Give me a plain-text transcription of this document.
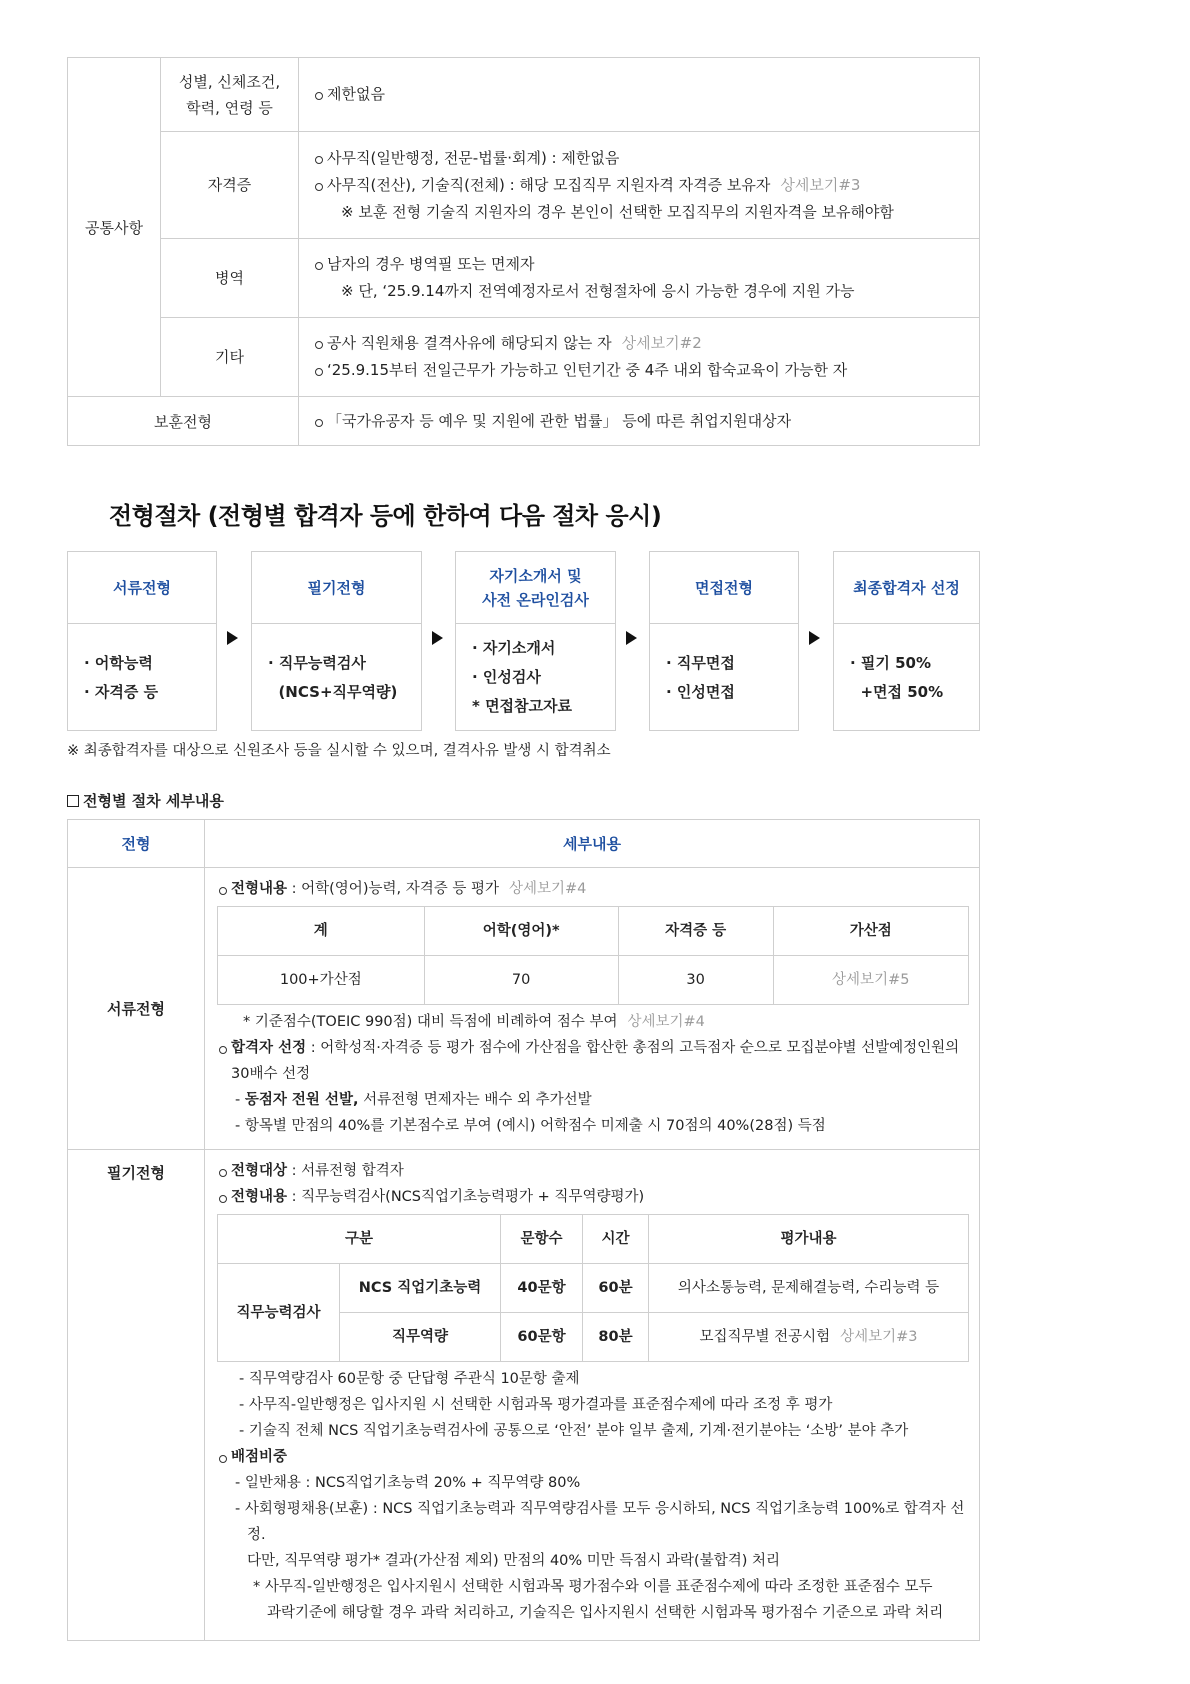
공통사항	성별, 신체조건,
학력, 연령 등	제한없음

	자격증	사무직(일반행정, 전문-법률·회계) : 제한없음
사무직(전산), 기술직(전체) : 해당 모집직무 지원자격 자격증 보유자 상세보기#3
※ 보훈 전형 기술직 지원자의 경우 본인이 선택한 모집직무의 지원자격을 보유해야함

	병역	남자의 경우 병역필 또는 면제자
※ 단, ‘25.9.14까지 전역예정자로서 전형절차에 응시 가능한 경우에 지원 가능

	기타	공사 직원채용 결격사유에 해당되지 않는 자 상세보기#2
‘25.9.15부터 전일근무가 가능하고 인턴기간 중 4주 내외 합숙교육이 가능한 자

보훈전형		「국가유공자 등 예우 및 지원에 관한 법률」 등에 따른 취업지원대상자
전형절차 (전형별 합격자 등에 한하여 다음 절차 응시)
서류전형
· 어학능력
· 자격증 등
필기전형
· 직무능력검사
(NCS+직무역량)
자기소개서 및
사전 온라인검사
· 자기소개서
· 인성검사
* 면접참고자료
면접전형
· 직무면접
· 인성면접
최종합격자 선정
· 필기 50%
+면접 50%
※ 최종합격자를 대상으로 신원조사 등을 실시할 수 있으며, 결격사유 발생 시 합격취소
전형별 절차 세부내용
전형	세부내용
서류전형	
전형내용 : 어학(영어)능력, 자격증 등 평가 상세보기#4
계	어학(영어)*	자격증 등	가산점
100+가산점	70	30	상세보기#5
* 기준점수(TOEIC 990점) 대비 득점에 비례하여 점수 부여 상세보기#4
합격자 선정 : 어학성적·자격증 등 평가 점수에 가산점을 합산한 총점의 고득점자 순으로 모집분야별 선발예정인원의
30배수 선정
- 동점자 전원 선발, 서류전형 면제자는 배수 외 추가선발
- 항목별 만점의 40%를 기본점수로 부여 (예시) 어학점수 미제출 시 70점의 40%(28점) 득점

필기전형	전형대상 : 서류전형 합격자
전형내용 : 직무능력검사(NCS직업기초능력평가 + 직무역량평가)
구분	문항수	시간	평가내용
직무능력검사	NCS 직업기초능력	40문항	60분	의사소통능력, 문제해결능력, 수리능력 등
직무역량	60문항	80분	모집직무별 전공시험 상세보기#3
- 직무역량검사 60문항 중 단답형 주관식 10문항 출제
- 사무직-일반행정은 입사지원 시 선택한 시험과목 평가결과를 표준점수제에 따라 조정 후 평가
- 기술직 전체 NCS 직업기초능력검사에 공통으로 ‘안전’ 분야 일부 출제, 기계·전기분야는 ‘소방’ 분야 추가
배점비중
- 일반채용 : NCS직업기초능력 20% + 직무역량 80%
- 사회형평채용(보훈) : NCS 직업기초능력과 직무역량검사를 모두 응시하되, NCS 직업기초능력 100%로 합격자 선정.
다만, 직무역량 평가* 결과(가산점 제외) 만점의 40% 미만 득점시 과락(불합격) 처리
* 사무직-일반행정은 입사지원시 선택한 시험과목 평가점수와 이를 표준점수제에 따라 조정한 표준점수 모두
과락기준에 해당할 경우 과락 처리하고, 기술직은 입사지원시 선택한 시험과목 평가점수 기준으로 과락 처리
